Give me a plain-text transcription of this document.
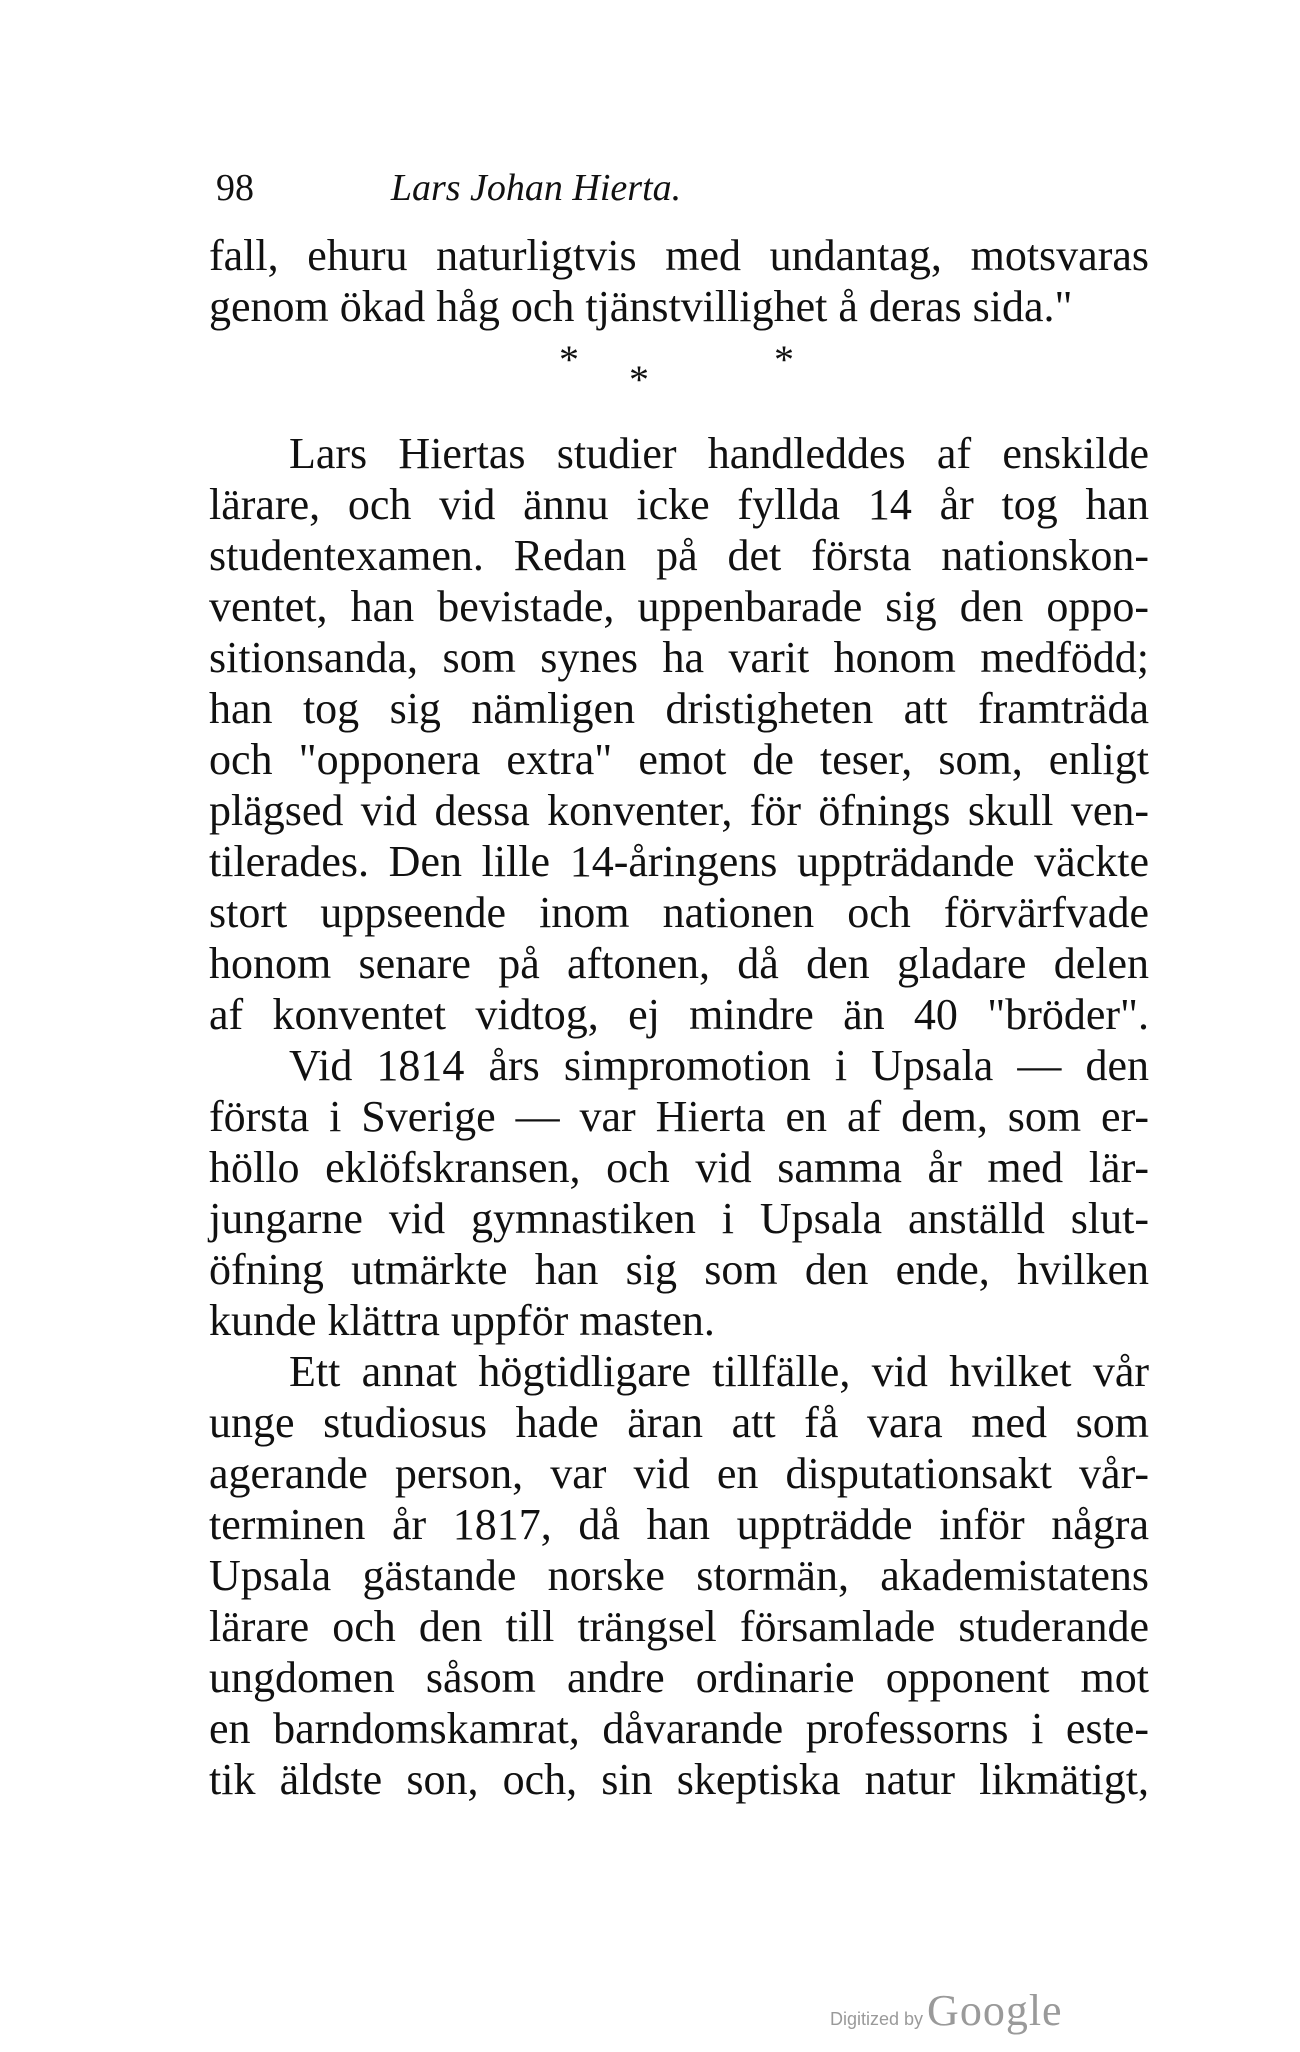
98	Lars Johan Hierta.
fall, ehuru naturligtvis med undantag, motsvaras
genom ökad håg och tjänstvillighet å deras sida."
* *	*
Lars Hiertas studier handleddes af enskilde
lärare, och vid ännu icke fyllda 14 år tog han
studentexamen. Redan på det första nationskon-
ventet, han bevistade, uppenbarade sig den oppo-
sitionsanda, som synes ha varit honom medfödd;
han tog sig nämligen dristigheten att framträda
och "opponera extra" emot de teser, som, enligt
plägsed vid dessa konventer, för öfnings skull ven-
tilerades. Den lille 14-åringens uppträdande väckte
stort uppseende inom nationen och förvärfvade
honom senare på aftonen, då den gladare delen
af konventet vidtog, ej mindre än 40 "bröder".
Vid 1814 års simpromotion i Upsala — den
första i Sverige — var Hierta en af dem, som er-
höllo eklöfskransen, och vid samma år med lär-
jungarne vid gymnastiken i Upsala anställd slut-
öfning utmärkte han sig som den ende, hvilken
kunde klättra uppför masten.
Ett annat högtidligare tillfälle, vid hvilket vår
unge studiosus hade äran att få vara med som
agerande person, var vid en disputationsakt vår-
terminen år 1817, då han uppträdde inför några
Upsala gästande norske stormän, akademistatens
lärare och den till trängsel församlade studerande
ungdomen såsom andre ordinarie opponent mot
en barndomskamrat, dåvarande professorns i este-
tik äldste son, och, sin skeptiska natur likmätigt,
Digitized by Google
